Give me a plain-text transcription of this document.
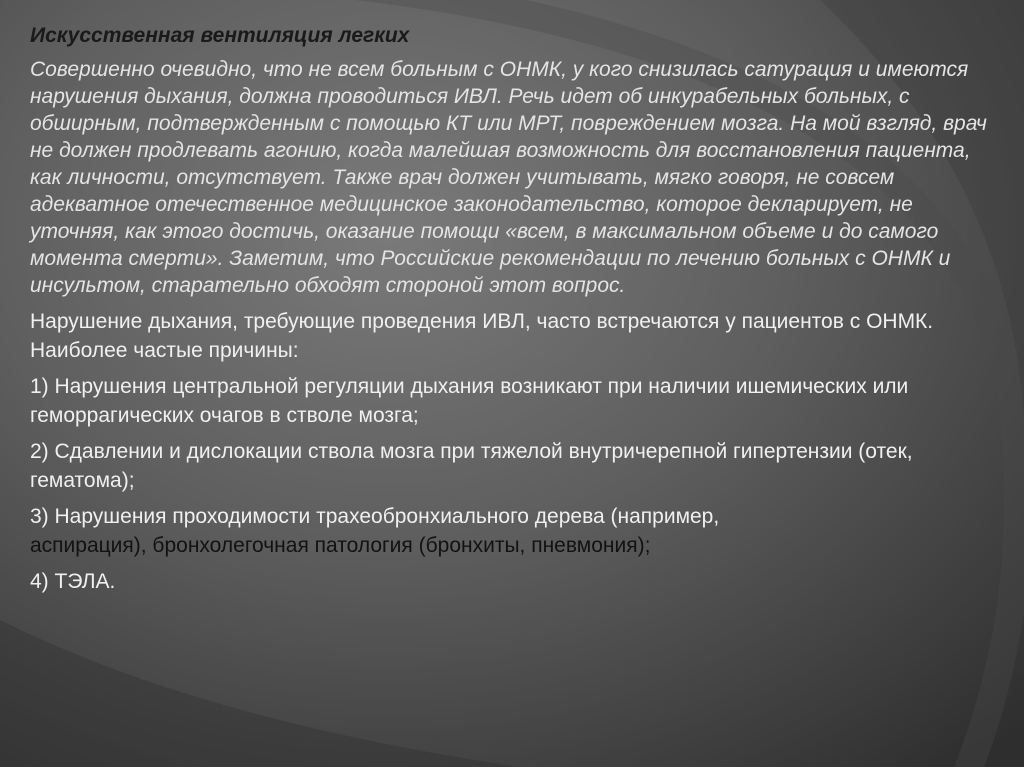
Искусственная вентиляция легких

Совершенно очевидно, что не всем больным с ОНМК, у кого снизилась сатурация и имеются нарушения дыхания, должна проводиться ИВЛ. Речь идет об инкурабельных больных, с обширным, подтвержденным с помощью КТ или МРТ, повреждением мозга. На мой взгляд, врач не должен продлевать агонию, когда малейшая возможность для восстановления пациента, как личности, отсутствует. Также врач должен учитывать, мягко говоря, не совсем адекватное отечественное медицинское законодательство, которое декларирует, не уточняя, как этого достичь, оказание помощи «всем, в максимальном объеме и до самого момента смерти». Заметим, что Российские рекомендации по лечению больных с ОНМК и инсультом, старательно обходят стороной этот вопрос.

Нарушение дыхания, требующие проведения ИВЛ, часто встречаются у пациентов с ОНМК. Наиболее частые причины:

1) Нарушения центральной регуляции дыхания возникают при наличии ишемических или геморрагических очагов в стволе мозга;

2) Сдавлении и дислокации ствола мозга при тяжелой внутричерепной гипертензии (отек, гематома);

3) Нарушения проходимости трахеобронхиального дерева (например,
аспирация), бронхолегочная патология (бронхиты, пневмония);

4) ТЭЛА.
